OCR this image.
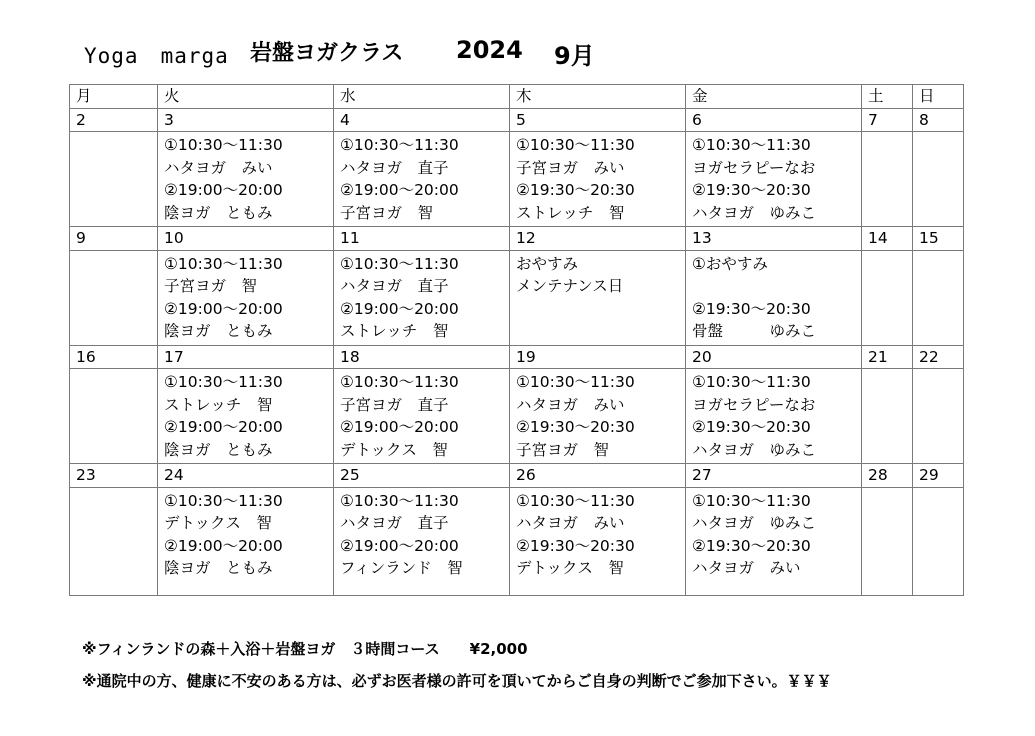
Yoga　marga 岩盤ヨガクラス 2024 9月
月	火	水	木	金	土	日
2	3	4	5	6	7	8

	①10:30～11:30
ハタヨガ　みい
②19:00～20:00
陰ヨガ　ともみ	①10:30～11:30
ハタヨガ　直子
②19:00～20:00
子宮ヨガ　智	①10:30～11:30
子宮ヨガ　みい
②19:30～20:30
ストレッチ　智	①10:30～11:30
ヨガセラピーなお
②19:30～20:30
ハタヨガ　ゆみこ		

9	10	11	12	13	14	15

	①10:30～11:30
子宮ヨガ　智
②19:00～20:00
陰ヨガ　ともみ	①10:30～11:30
ハタヨガ　直子
②19:00～20:00
ストレッチ　智	おやすみ
メンテナンス日	①おやすみ
②19:30～20:30
骨盤　　　ゆみこ		

16	17	18	19	20	21	22

	①10:30～11:30
ストレッチ　智
②19:00～20:00
陰ヨガ　ともみ	①10:30～11:30
子宮ヨガ　直子
②19:00～20:00
デトックス　智	①10:30～11:30
ハタヨガ　みい
②19:30～20:30
子宮ヨガ　智	①10:30～11:30
ヨガセラピーなお
②19:30～20:30
ハタヨガ　ゆみこ		

23	24	25	26	27	28	29

	①10:30～11:30
デトックス　智
②19:00～20:00
陰ヨガ　ともみ	①10:30～11:30
ハタヨガ　直子
②19:00～20:00
フィンランド　智	①10:30～11:30
ハタヨガ　みい
②19:30～20:30
デトックス　智	①10:30～11:30
ハタヨガ　ゆみこ
②19:30～20:30
ハタヨガ　みい		

※フィンランドの森＋入浴＋岩盤ヨガ　３時間コース　　¥2,000
※通院中の方、健康に不安のある方は、必ずお医者様の許可を頂いてからご自身の判断でご参加下さい。￥￥￥
